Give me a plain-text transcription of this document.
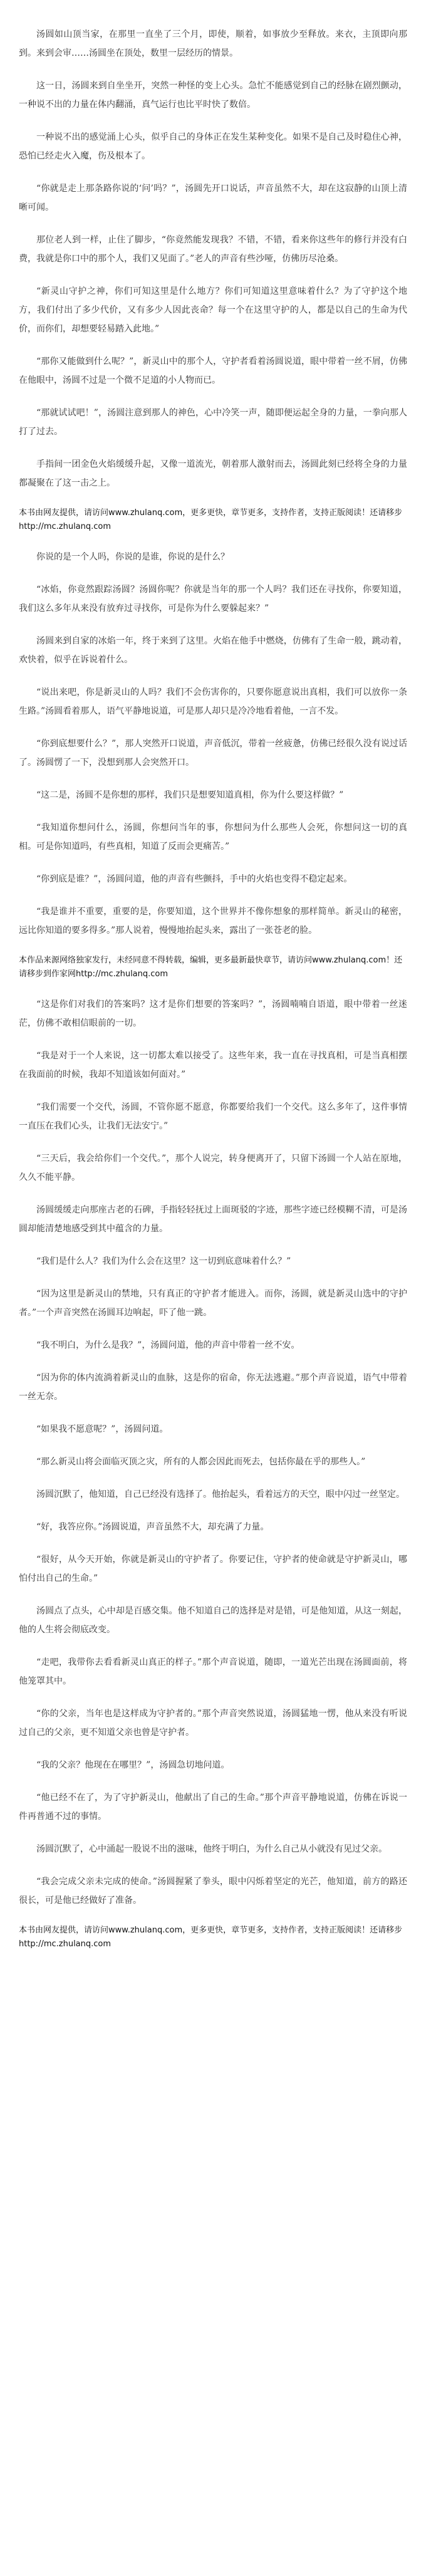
汤圆如山顶当家，在那里一直坐了三个月，即使，顺着，如事放少至释放。来衣，主顶即向那到。来到会审……汤圆坐在顶处，数里一层经历的情景。

这一日，汤圆来到自坐坐开，突然一种怪的变上心头。急忙不能感觉到自己的经脉在剧烈颤动，一种说不出的力量在体内翻涌，真气运行也比平时快了数倍。

一种说不出的感觉涌上心头，似乎自己的身体正在发生某种变化。如果不是自己及时稳住心神，恐怕已经走火入魔，伤及根本了。

“你就是走上那条路你说的‘问’吗？”，汤圆先开口说话，声音虽然不大，却在这寂静的山顶上清晰可闻。

那位老人到一样，止住了脚步，“你竟然能发现我？不错，不错，看来你这些年的修行并没有白费，我就是你口中的那个人，我们又见面了。”老人的声音有些沙哑，仿佛历尽沧桑。

“新灵山守护之神，你们可知这里是什么地方？你们可知道这里意味着什么？为了守护这个地方，我们付出了多少代价，又有多少人因此丧命？每一个在这里守护的人，都是以自己的生命为代价，而你们，却想要轻易踏入此地。”

“那你又能做到什么呢？”，新灵山中的那个人，守护者看着汤圆说道，眼中带着一丝不屑，仿佛在他眼中，汤圆不过是一个微不足道的小人物而已。

“那就试试吧！”，汤圆注意到那人的神色，心中冷笑一声，随即便运起全身的力量，一拳向那人打了过去。

手指间一团金色火焰缓缓升起，又像一道流光，朝着那人激射而去，汤圆此刻已经将全身的力量都凝聚在了这一击之上。

本书由网友提供，请访问www.zhulanq.com，更多更快，章节更多，支持作者，支持正版阅读！还请移步http://mc.zhulanq.com

你说的是一个人吗，你说的是谁，你说的是什么？

“冰焰，你竟然跟踪汤圆？汤圆你呢？你就是当年的那一个人吗？我们还在寻找你，你要知道，我们这么多年从来没有放弃过寻找你，可是你为什么要躲起来？”

汤圆来到自家的冰焰一年，终于来到了这里。火焰在他手中燃烧，仿佛有了生命一般，跳动着，欢快着，似乎在诉说着什么。

“说出来吧，你是新灵山的人吗？我们不会伤害你的，只要你愿意说出真相，我们可以放你一条生路。”汤圆看着那人，语气平静地说道，可是那人却只是冷冷地看着他，一言不发。

“你到底想要什么？”，那人突然开口说道，声音低沉，带着一丝疲惫，仿佛已经很久没有说过话了。汤圆愣了一下，没想到那人会突然开口。

“这二是，汤圆不是你想的那样，我们只是想要知道真相，你为什么要这样做？”

“我知道你想问什么，汤圆，你想问当年的事，你想问为什么那些人会死，你想问这一切的真相。可是你知道吗，有些真相，知道了反而会更痛苦。”

“你到底是谁？”，汤圆问道，他的声音有些颤抖，手中的火焰也变得不稳定起来。

“我是谁并不重要，重要的是，你要知道，这个世界并不像你想象的那样简单。新灵山的秘密，远比你知道的要多得多。”那人说着，慢慢地抬起头来，露出了一张苍老的脸。

本作品来源网络独家发行，未经同意不得转载，编辑，更多最新最快章节，请访问www.zhulanq.com！还请移步到作家网http://mc.zhulanq.com

“这是你们对我们的答案吗？这才是你们想要的答案吗？”，汤圆喃喃自语道，眼中带着一丝迷茫，仿佛不敢相信眼前的一切。

“我是对于一个人来说，这一切都太难以接受了。这些年来，我一直在寻找真相，可是当真相摆在我面前的时候，我却不知道该如何面对。”

“我们需要一个交代，汤圆，不管你愿不愿意，你都要给我们一个交代。这么多年了，这件事情一直压在我们心头，让我们无法安宁。”

“三天后，我会给你们一个交代。”，那个人说完，转身便离开了，只留下汤圆一个人站在原地，久久不能平静。

汤圆缓缓走向那座古老的石碑，手指轻轻抚过上面斑驳的字迹，那些字迹已经模糊不清，可是汤圆却能清楚地感受到其中蕴含的力量。

“我们是什么人？我们为什么会在这里？这一切到底意味着什么？”

“因为这里是新灵山的禁地，只有真正的守护者才能进入。而你，汤圆，就是新灵山选中的守护者。”一个声音突然在汤圆耳边响起，吓了他一跳。

“我不明白，为什么是我？”，汤圆问道，他的声音中带着一丝不安。

“因为你的体内流淌着新灵山的血脉，这是你的宿命，你无法逃避。”那个声音说道，语气中带着一丝无奈。

“如果我不愿意呢？”，汤圆问道。

“那么新灵山将会面临灭顶之灾，所有的人都会因此而死去，包括你最在乎的那些人。”

汤圆沉默了，他知道，自己已经没有选择了。他抬起头，看着远方的天空，眼中闪过一丝坚定。

“好，我答应你。”汤圆说道，声音虽然不大，却充满了力量。

“很好，从今天开始，你就是新灵山的守护者了。你要记住，守护者的使命就是守护新灵山，哪怕付出自己的生命。”

汤圆点了点头，心中却是百感交集。他不知道自己的选择是对是错，可是他知道，从这一刻起，他的人生将会彻底改变。

“走吧，我带你去看看新灵山真正的样子。”那个声音说道，随即，一道光芒出现在汤圆面前，将他笼罩其中。

“你的父亲，当年也是这样成为守护者的。”那个声音突然说道，汤圆猛地一愣，他从来没有听说过自己的父亲，更不知道父亲也曾是守护者。

“我的父亲？他现在在哪里？”，汤圆急切地问道。

“他已经不在了，为了守护新灵山，他献出了自己的生命。”那个声音平静地说道，仿佛在诉说一件再普通不过的事情。

汤圆沉默了，心中涌起一股说不出的滋味，他终于明白，为什么自己从小就没有见过父亲。

“我会完成父亲未完成的使命。”汤圆握紧了拳头，眼中闪烁着坚定的光芒，他知道，前方的路还很长，可是他已经做好了准备。

本书由网友提供，请访问www.zhulanq.com，更多更快，章节更多，支持作者，支持正版阅读！还请移步http://mc.zhulanq.com
